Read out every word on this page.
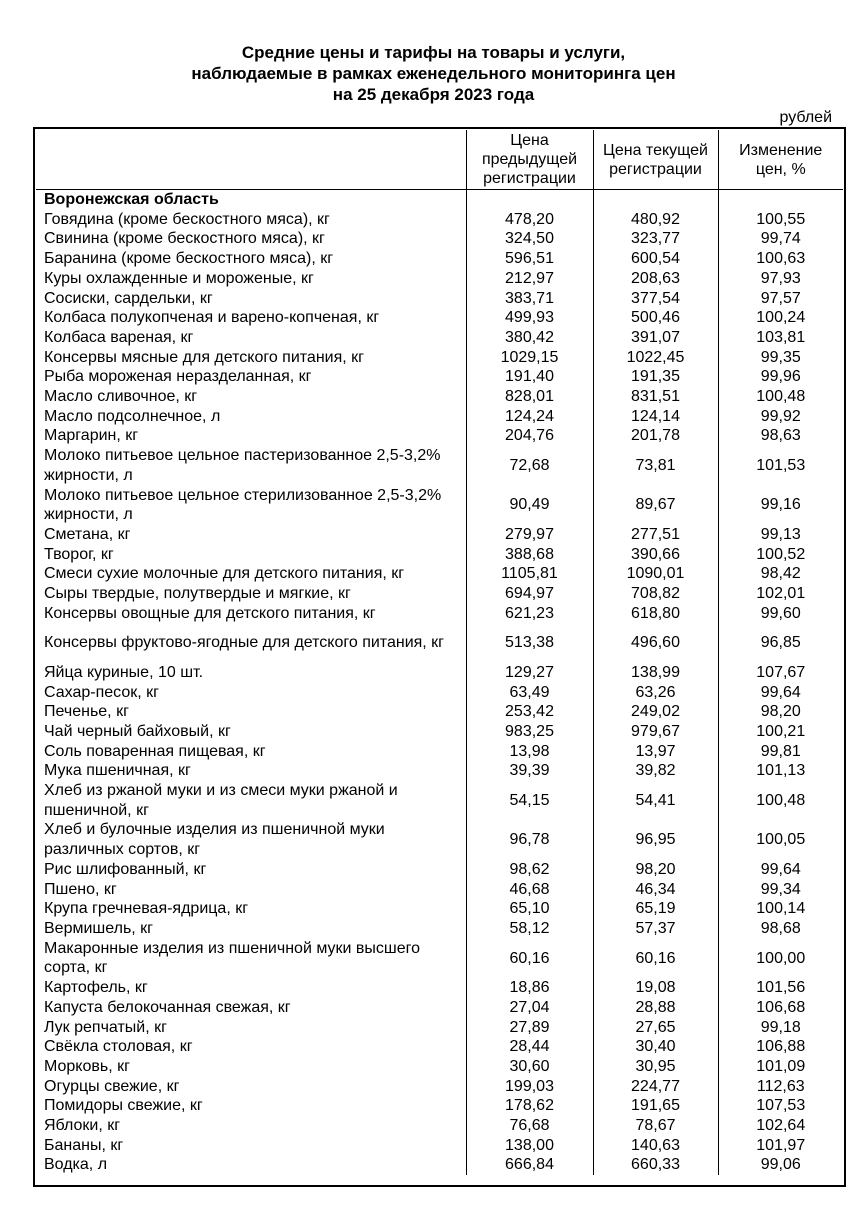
Средние цены и тарифы на товары и услуги,
наблюдаемые в рамках еженедельного мониторинга цен
на 25 декабря 2023 года
рублей
	Цена предыдущей регистрации	Цена текущей регистрации	Изменение цен, %
Воронежская область			
Говядина (кроме бескостного мяса), кг	478,20	480,92	100,55
Свинина (кроме бескостного мяса), кг	324,50	323,77	99,74
Баранина (кроме бескостного мяса), кг	596,51	600,54	100,63
Куры охлажденные и мороженые, кг	212,97	208,63	97,93
Сосиски, сардельки, кг	383,71	377,54	97,57
Колбаса полукопченая и варено-копченая, кг	499,93	500,46	100,24
Колбаса вареная, кг	380,42	391,07	103,81
Консервы мясные для детского питания, кг	1029,15	1022,45	99,35
Рыба мороженая неразделанная, кг	191,40	191,35	99,96
Масло сливочное, кг	828,01	831,51	100,48
Масло подсолнечное, л	124,24	124,14	99,92
Маргарин, кг	204,76	201,78	98,63
Молоко питьевое цельное пастеризованное 2,5-3,2% жирности, л	72,68	73,81	101,53
Молоко питьевое цельное стерилизованное 2,5-3,2% жирности, л	90,49	89,67	99,16
Сметана, кг	279,97	277,51	99,13
Творог, кг	388,68	390,66	100,52
Смеси сухие молочные для детского питания, кг	1105,81	1090,01	98,42
Сыры твердые, полутвердые и мягкие, кг	694,97	708,82	102,01
Консервы овощные для детского питания, кг	621,23	618,80	99,60
Консервы фруктово-ягодные для детского питания, кг	513,38	496,60	96,85
Яйца куриные, 10 шт.	129,27	138,99	107,67
Сахар-песок, кг	63,49	63,26	99,64
Печенье, кг	253,42	249,02	98,20
Чай черный байховый, кг	983,25	979,67	100,21
Соль поваренная пищевая, кг	13,98	13,97	99,81
Мука пшеничная, кг	39,39	39,82	101,13
Хлеб из ржаной муки и из смеси муки ржаной и пшеничной, кг	54,15	54,41	100,48
Хлеб и булочные изделия из пшеничной муки различных сортов, кг	96,78	96,95	100,05
Рис шлифованный, кг	98,62	98,20	99,64
Пшено, кг	46,68	46,34	99,34
Крупа гречневая-ядрица, кг	65,10	65,19	100,14
Вермишель, кг	58,12	57,37	98,68
Макаронные изделия из пшеничной муки высшего сорта, кг	60,16	60,16	100,00
Картофель, кг	18,86	19,08	101,56
Капуста белокочанная свежая, кг	27,04	28,88	106,68
Лук репчатый, кг	27,89	27,65	99,18
Свёкла столовая, кг	28,44	30,40	106,88
Морковь, кг	30,60	30,95	101,09
Огурцы свежие, кг	199,03	224,77	112,63
Помидоры свежие, кг	178,62	191,65	107,53
Яблоки, кг	76,68	78,67	102,64
Бананы, кг	138,00	140,63	101,97
Водка, л	666,84	660,33	99,06
